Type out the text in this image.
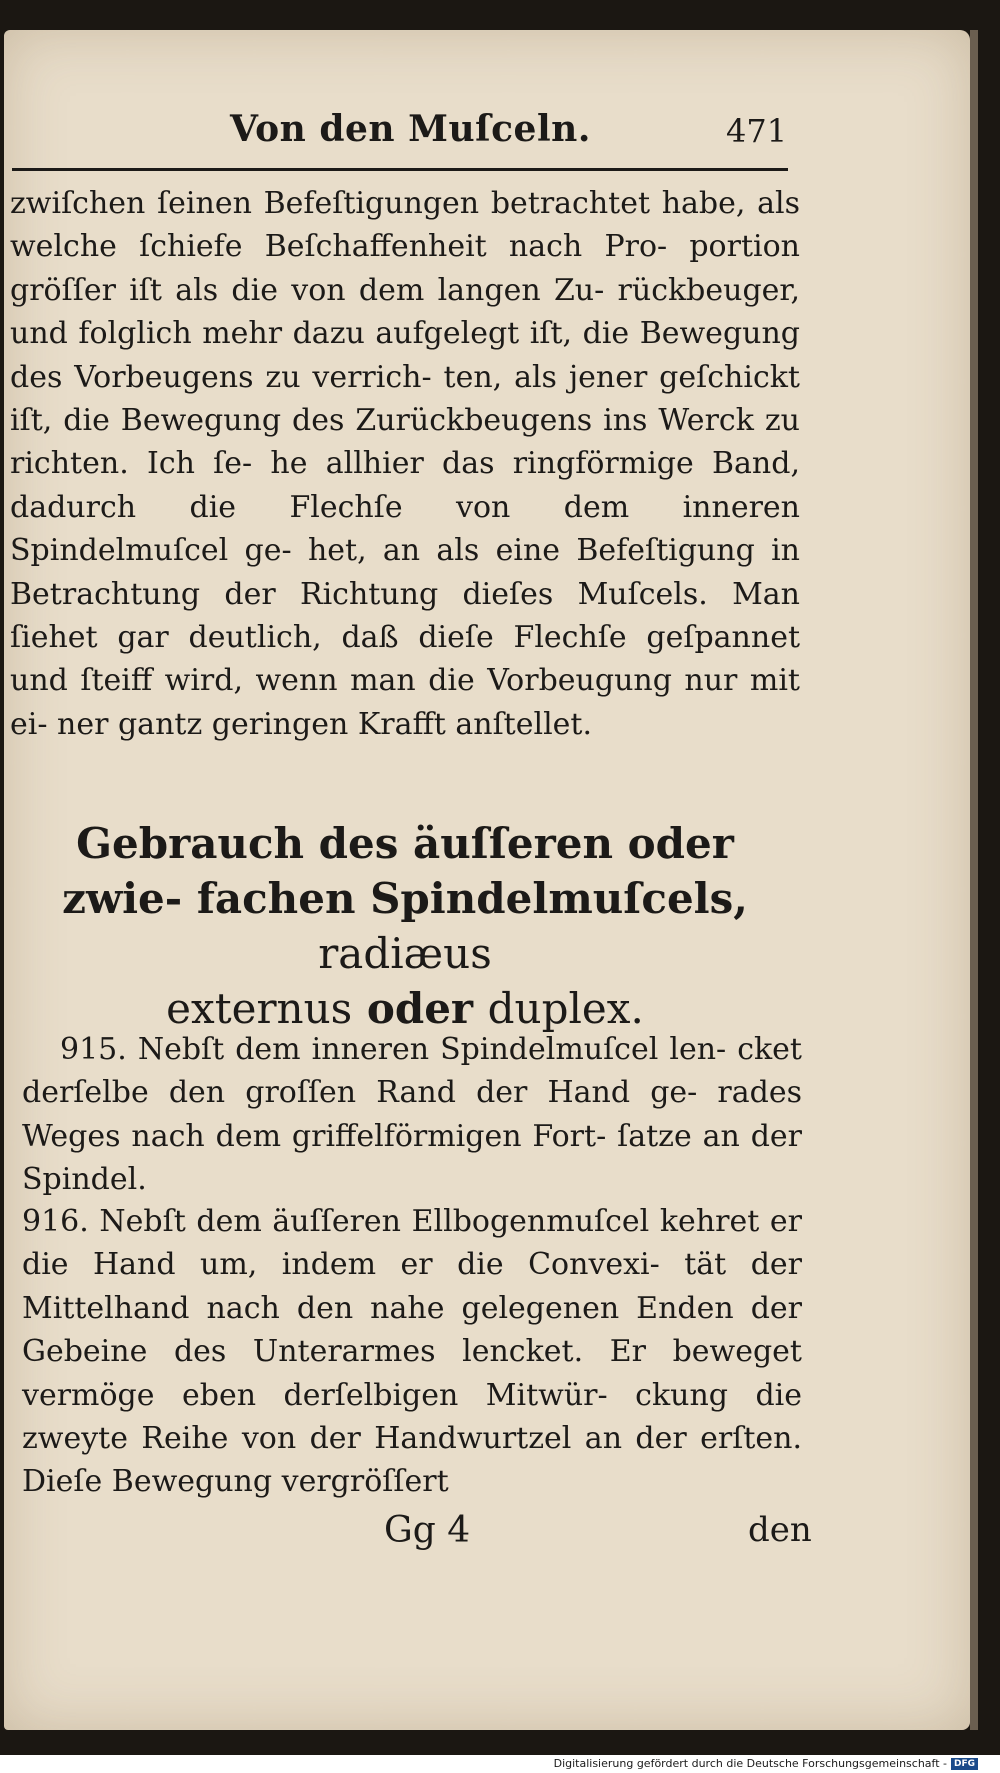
Von den Muſceln.	471

zwiſchen ſeinen Befeſtigungen betrachtet habe, als welche ſchiefe Beſchaffenheit nach Pro- portion gröſſer iſt als die von dem langen Zu- rückbeuger, und folglich mehr dazu aufgelegt iſt, die Bewegung des Vorbeugens zu verrich- ten, als jener geſchickt iſt, die Bewegung des Zurückbeugens ins Werck zu richten. Ich ſe- he allhier das ringförmige Band, dadurch die Flechſe von dem inneren Spindelmuſcel ge- het, an als eine Befeſtigung in Betrachtung der Richtung dieſes Muſcels. Man ſiehet gar deutlich, daß dieſe Flechſe geſpannet und ſteiff wird, wenn man die Vorbeugung nur mit ei- ner gantz geringen Krafft anſtellet.

Gebrauch des äuſſeren oder zwie- fachen Spindelmuſcels, radiæus
externus oder duplex.

915. Nebſt dem inneren Spindelmuſcel len- cket derſelbe den groſſen Rand der Hand ge- rades Weges nach dem griffelförmigen Fort- ſatze an der Spindel.

916. Nebſt dem äuſſeren Ellbogenmuſcel kehret er die Hand um, indem er die Convexi- tät der Mittelhand nach den nahe gelegenen Enden der Gebeine des Unterarmes lencket. Er beweget vermöge eben derſelbigen Mitwür- ckung die zweyte Reihe von der Handwurtzel an der erſten. Dieſe Bewegung vergröſſert

Gg 4	den
Digitalisierung gefördert durch die Deutsche Forschungsgemeinschaft - DFG
